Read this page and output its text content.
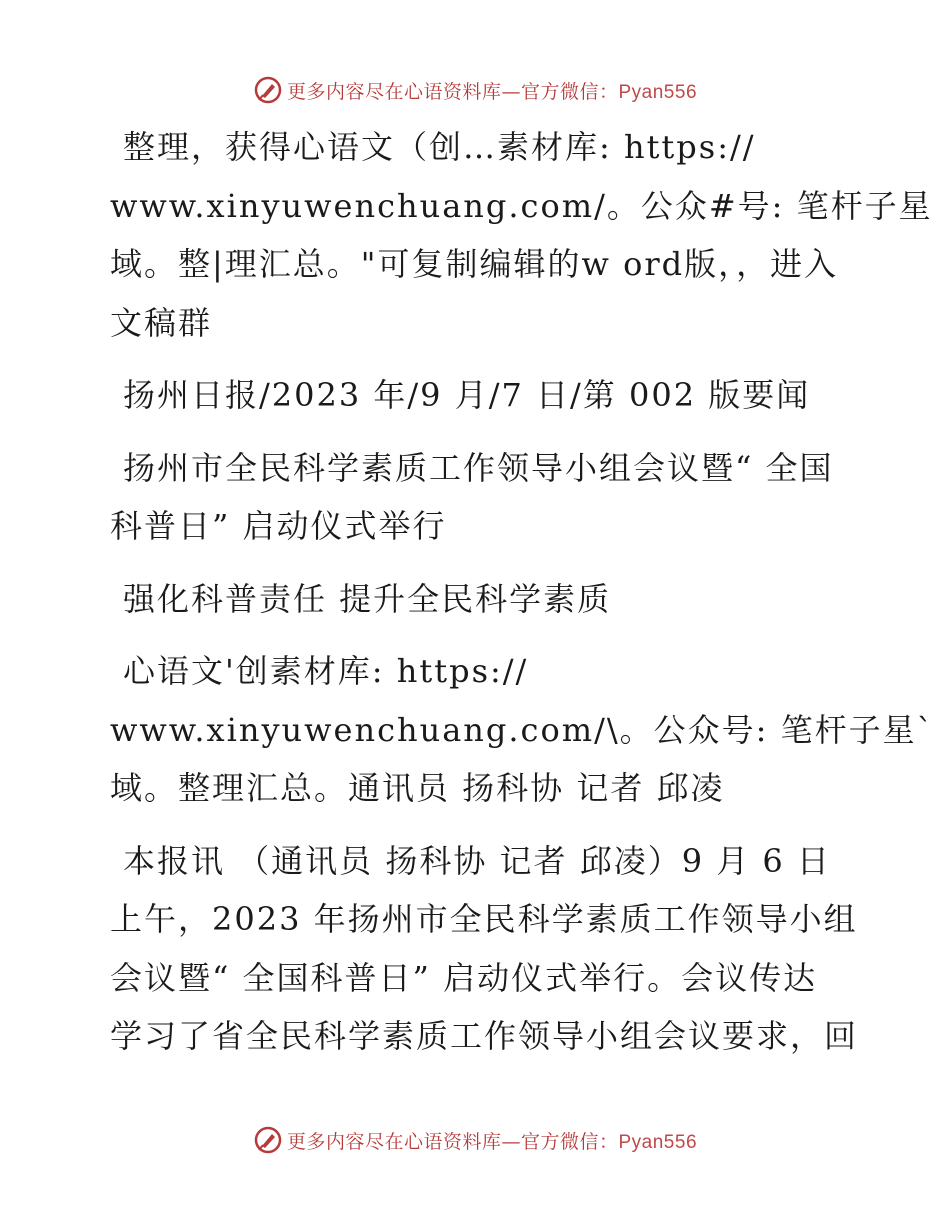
更多内容尽在心语资料库—官方微信：Pyan556
整理，获得心语文（创…素材库: https://
www.xinyuwenchuang.com/。公众#号: 笔杆子星
域。整|理汇总。"可复制编辑的w ord版，，进入
文稿群
扬州日报/2023 年/9 月/7 日/第 002 版要闻
扬州市全民科学素质工作领导小组会议暨“ 全国
科普日” 启动仪式举行
强化科普责任 提升全民科学素质
心语文'创素材库: https://
www.xinyuwenchuang.com/\。公众号: 笔杆子星`
域。整理汇总。通讯员 扬科协 记者 邱凌
本报讯 （通讯员 扬科协 记者 邱凌）9 月 6 日
上午，2023 年扬州市全民科学素质工作领导小组
会议暨“ 全国科普日” 启动仪式举行。会议传达
学习了省全民科学素质工作领导小组会议要求，回
更多内容尽在心语资料库—官方微信：Pyan556
